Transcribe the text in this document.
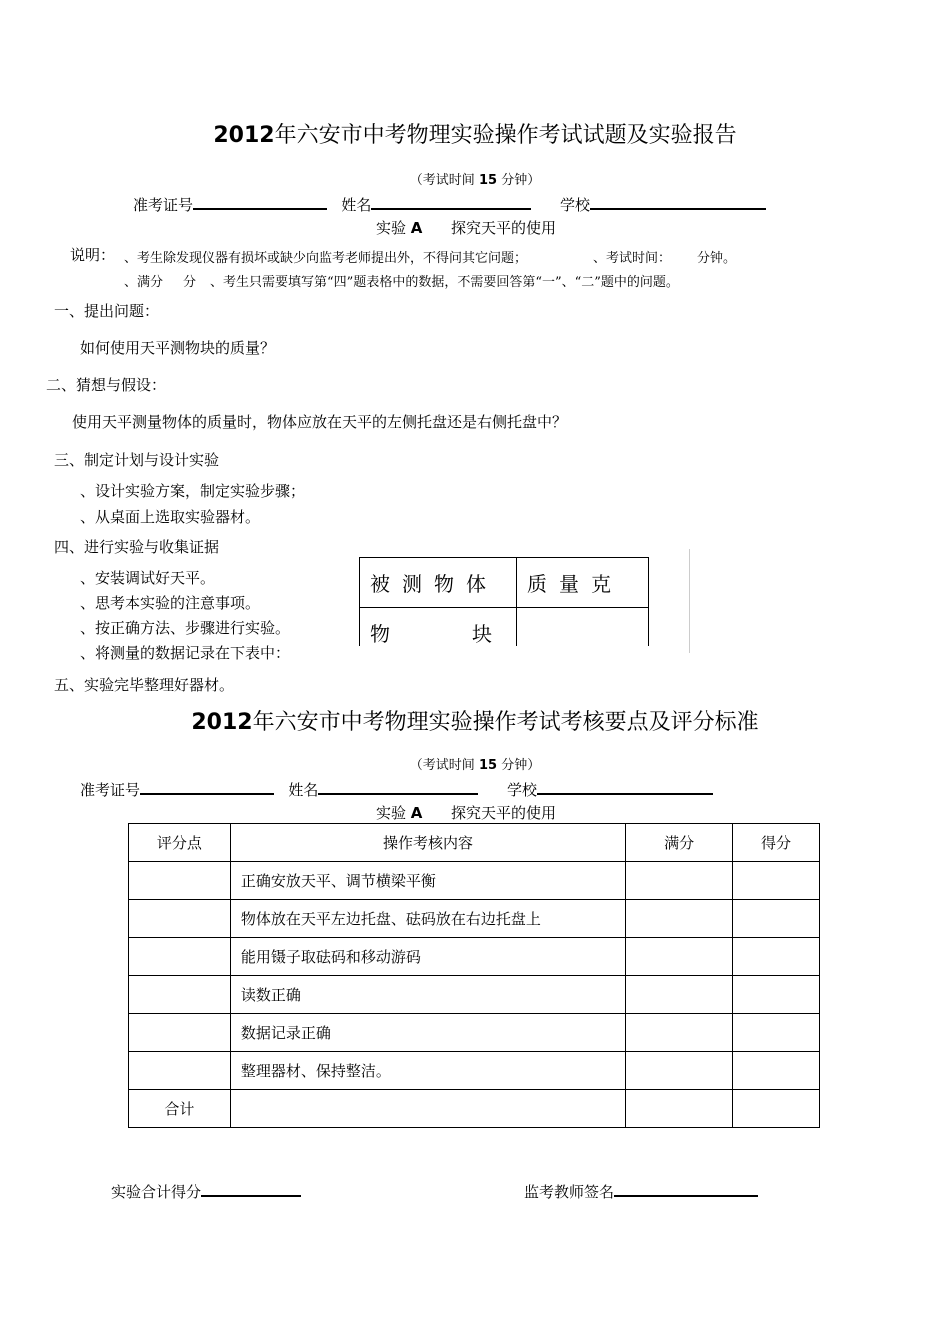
2012年六安市中考物理实验操作考试试题及实验报告
（考试时间 15 分钟）
准考证号	姓名	学校
实验 A 探究天平的使用
说明： 、考生除发现仪器有损坏或缺少向监考老师提出外，不得问其它问题；	、考试时间： 分钟。
、满分 分 、考生只需要填写第“四”题表格中的数据，不需要回答第“一”、“二”题中的问题。
一、提出问题：
如何使用天平测物块的质量？
二、猜想与假设：
使用天平测量物体的质量时，物体应放在天平的左侧托盘还是右侧托盘中？
三、制定计划与设计实验
、设计实验方案，制定实验步骤；
、从桌面上选取实验器材。
四、进行实验与收集证据
、安装调试好天平。
、思考本实验的注意事项。
、按正确方法、步骤进行实验。
、将测量的数据记录在下表中：
被测物体 质量克
物块
五、实验完毕整理好器材。
2012年六安市中考物理实验操作考试考核要点及评分标准
（考试时间 15 分钟）
准考证号	姓名	学校
实验 A 探究天平的使用
评分点	操作考核内容	满分	得分
	正确安放天平、调节横梁平衡		
	物体放在天平左边托盘、砝码放在右边托盘上		
	能用镊子取砝码和移动游码		
	读数正确		
	数据记录正确		
	整理器材、保持整洁。		
合计			
实验合计得分	监考教师签名
